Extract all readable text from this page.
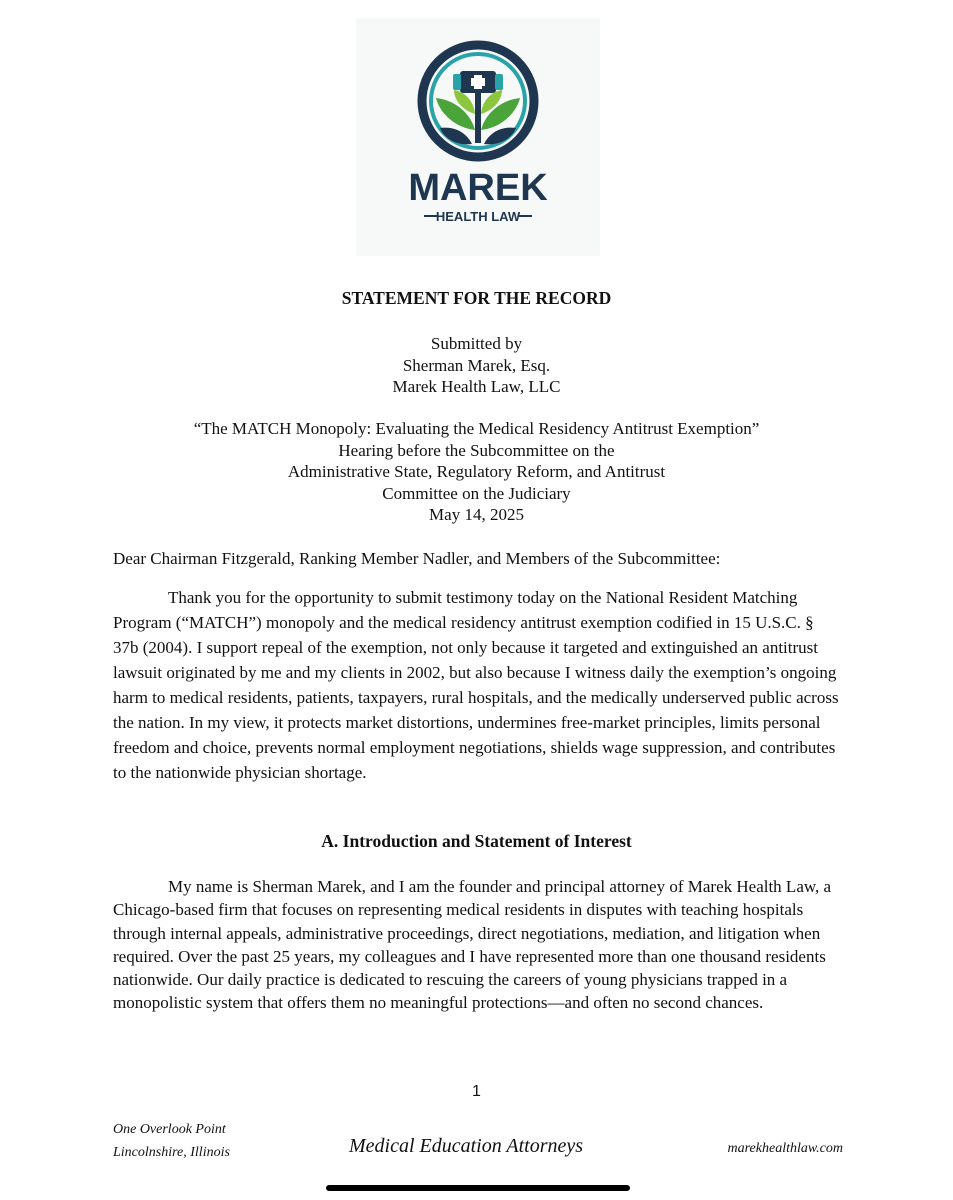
MAREK
HEALTH LAW
STATEMENT FOR THE RECORD
Submitted by
Sherman Marek, Esq.
Marek Health Law, LLC
“The MATCH Monopoly: Evaluating the Medical Residency Antitrust Exemption”
Hearing before the Subcommittee on the
Administrative State, Regulatory Reform, and Antitrust
Committee on the Judiciary
May 14, 2025
Dear Chairman Fitzgerald, Ranking Member Nadler, and Members of the Subcommittee:

Thank you for the opportunity to submit testimony today on the National Resident Matching Program (“MATCH”) monopoly and the medical residency antitrust exemption codified in 15 U.S.C. § 37b (2004). I support repeal of the exemption, not only because it targeted and extinguished an antitrust lawsuit originated by me and my clients in 2002, but also because I witness daily the exemption’s ongoing harm to medical residents, patients, taxpayers, rural hospitals, and the medically underserved public across the nation. In my view, it protects market distortions, undermines free-market principles, limits personal freedom and choice, prevents normal employment negotiations, shields wage suppression, and contributes to the nationwide physician shortage.

A. Introduction and Statement of Interest

My name is Sherman Marek, and I am the founder and principal attorney of Marek Health Law, a Chicago-based firm that focuses on representing medical residents in disputes with teaching hospitals through internal appeals, administrative proceedings, direct negotiations, mediation, and litigation when required. Over the past 25 years, my colleagues and I have represented more than one thousand residents nationwide. Our daily practice is dedicated to rescuing the careers of young physicians trapped in a monopolistic system that offers them no meaningful protections—and often no second chances.

1
One Overlook Point
Lincolnshire, Illinois	Medical Education Attorneys	marekhealthlaw.com
